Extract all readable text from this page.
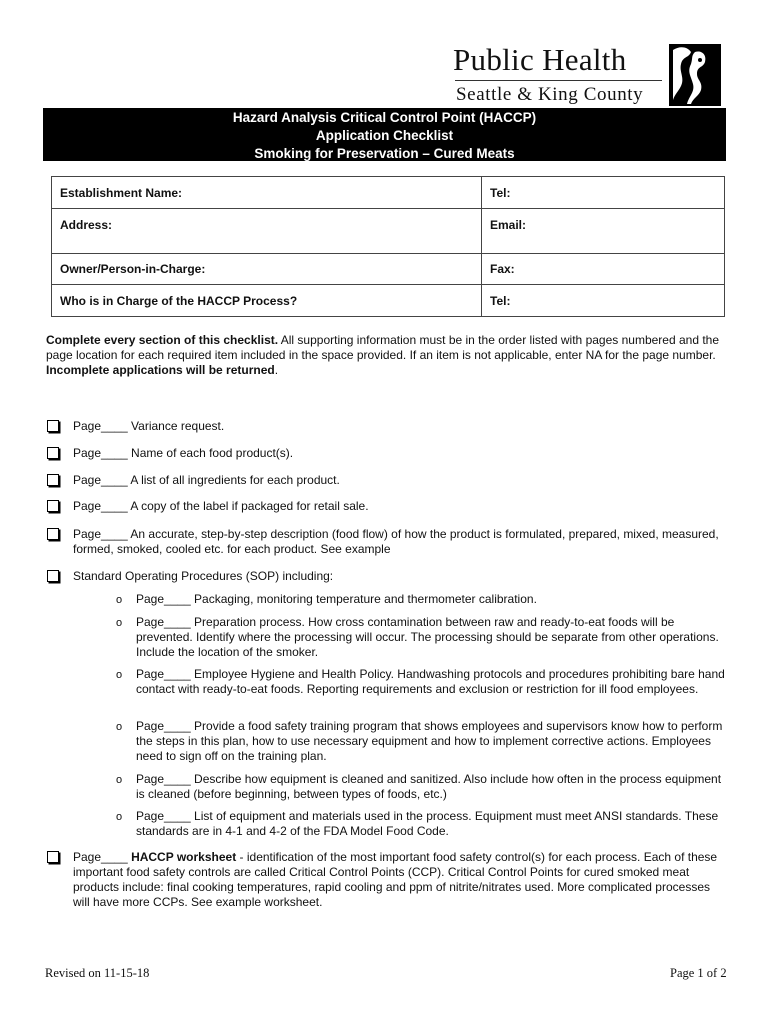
Public Health
Seattle & King County
Hazard Analysis Critical Control Point (HACCP)
Application Checklist
Smoking for Preservation – Cured Meats
Establishment Name:	Tel:
Address:	Email:
Owner/Person-in-Charge:	Fax:
Who is in Charge of the HACCP Process?	Tel:
Complete every section of this checklist. All supporting information must be in the order listed with pages numbered and the page location for each required item included in the space provided. If an item is not applicable, enter NA for the page number.
Incomplete applications will be returned.
Page____ Variance request.
Page____ Name of each food product(s).
Page____ A list of all ingredients for each product.
Page____ A copy of the label if packaged for retail sale.
Page____ An accurate, step-by-step description (food flow) of how the product is formulated, prepared, mixed, measured, formed, smoked, cooled etc. for each product. See example
Standard Operating Procedures (SOP) including:
o Page____ Packaging, monitoring temperature and thermometer calibration.
o Page____ Preparation process. How cross contamination between raw and ready-to-eat foods will be prevented. Identify where the processing will occur. The processing should be separate from other operations. Include the location of the smoker.
o Page____ Employee Hygiene and Health Policy. Handwashing protocols and procedures prohibiting bare hand contact with ready-to-eat foods. Reporting requirements and exclusion or restriction for ill food employees.
o Page____ Provide a food safety training program that shows employees and supervisors know how to perform the steps in this plan, how to use necessary equipment and how to implement corrective actions. Employees need to sign off on the training plan.
o Page____ Describe how equipment is cleaned and sanitized. Also include how often in the process equipment is cleaned (before beginning, between types of foods, etc.)
o Page____ List of equipment and materials used in the process. Equipment must meet ANSI standards. These standards are in 4-1 and 4-2 of the FDA Model Food Code.
Page____ HACCP worksheet - identification of the most important food safety control(s) for each process. Each of these important food safety controls are called Critical Control Points (CCP). Critical Control Points for cured smoked meat products include: final cooking temperatures, rapid cooling and ppm of nitrite/nitrates used. More complicated processes will have more CCPs. See example worksheet.
Revised on 11-15-18	Page 1 of 2
